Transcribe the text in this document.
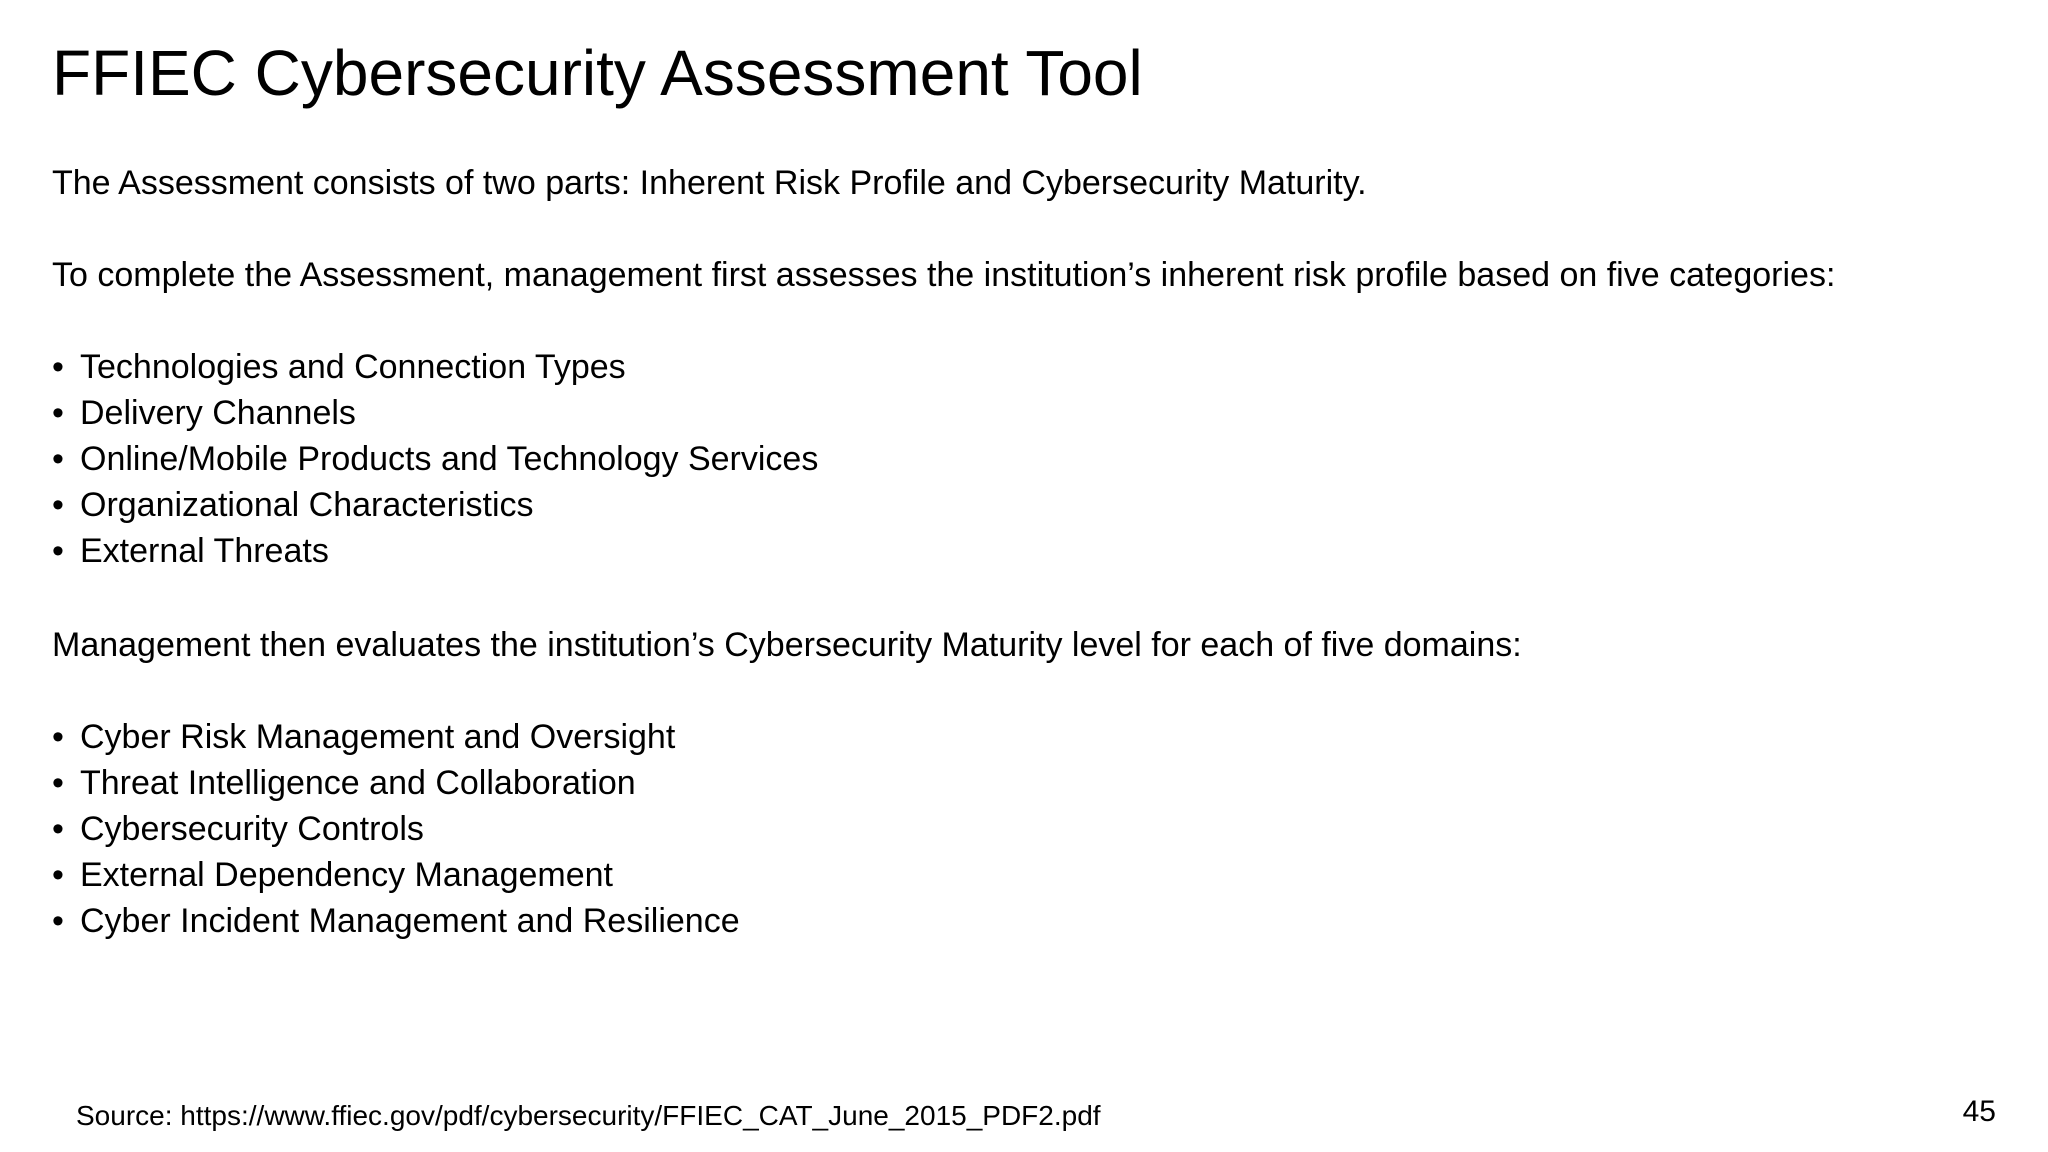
FFIEC Cybersecurity Assessment Tool

The Assessment consists of two parts: Inherent Risk Profile and Cybersecurity Maturity.

To complete the Assessment, management first assesses the institution’s inherent risk profile based on five categories:

• Technologies and Connection Types
• Delivery Channels
• Online/Mobile Products and Technology Services
• Organizational Characteristics
• External Threats

Management then evaluates the institution’s Cybersecurity Maturity level for each of five domains:

• Cyber Risk Management and Oversight
• Threat Intelligence and Collaboration
• Cybersecurity Controls
• External Dependency Management
• Cyber Incident Management and Resilience
Source: https://www.ffiec.gov/pdf/cybersecurity/FFIEC_CAT_June_2015_PDF2.pdf	45
